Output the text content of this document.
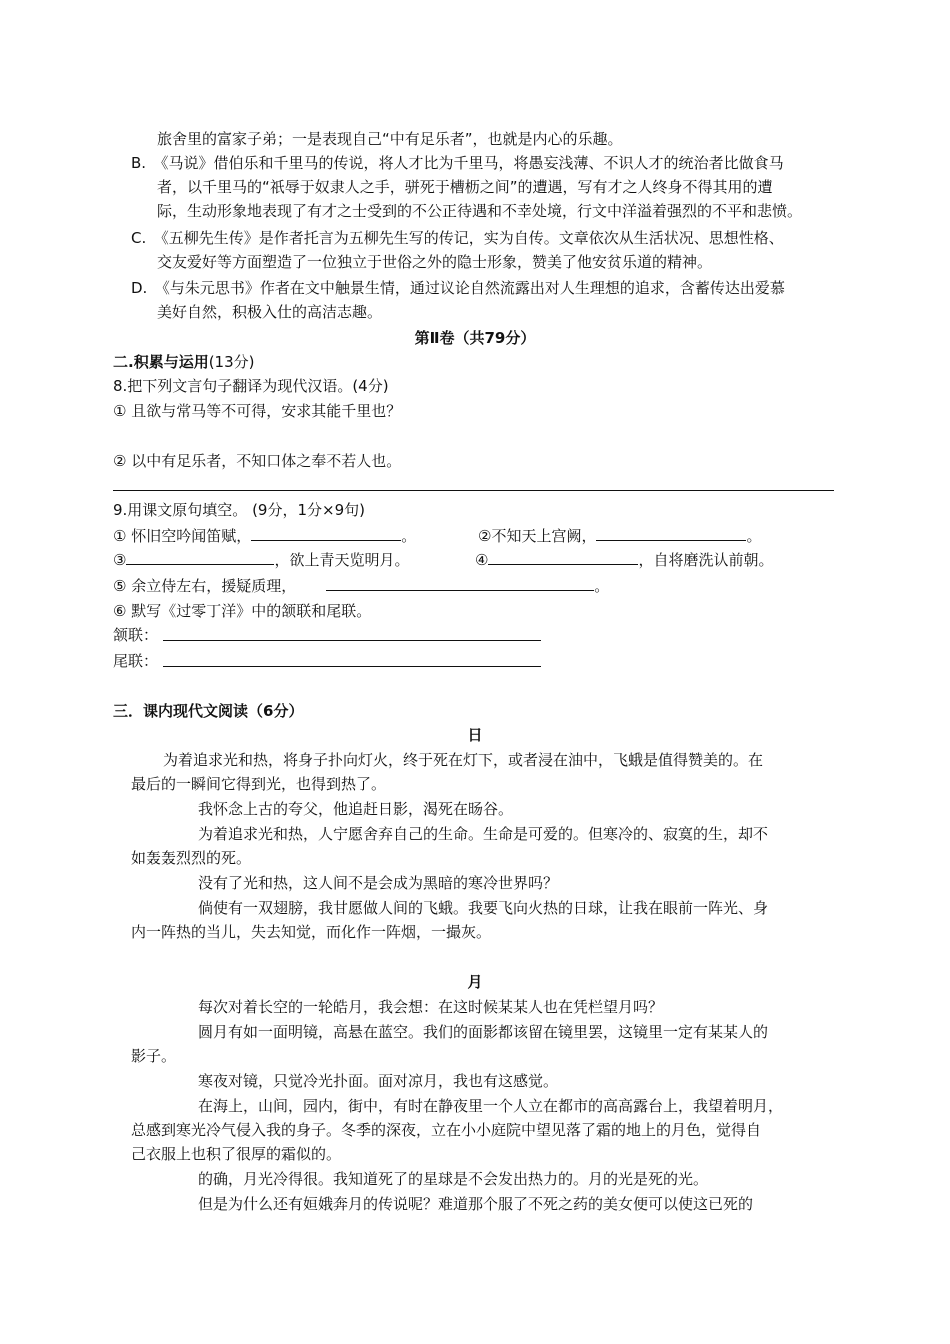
旅舍里的富家子弟；一是表现自己“中有足乐者”，也就是内心的乐趣。
B.　《马说》借伯乐和千里马的传说，将人才比为千里马，将愚妄浅薄、不识人才的统治者比做食马
者，以千里马的“祇辱于奴隶人之手，骈死于槽枥之间”的遭遇，写有才之人终身不得其用的遭
际，生动形象地表现了有才之士受到的不公正待遇和不幸处境，行文中洋溢着强烈的不平和悲愤。
C.　《五柳先生传》是作者托言为五柳先生写的传记，实为自传。文章依次从生活状况、思想性格、
交友爱好等方面塑造了一位独立于世俗之外的隐士形象，赞美了他安贫乐道的精神。
D.　《与朱元思书》作者在文中触景生情，通过议论自然流露出对人生理想的追求，含蓄传达出爱慕
美好自然，积极入仕的高洁志趣。
第Ⅱ卷（共79分）
二.积累与运用(13分)
8.把下列文言句子翻译为现代汉语。(4分)
① 且欲与常马等不可得，安求其能千里也？
② 以中有足乐者，不知口体之奉不若人也。
9.用课文原句填空。 (9分，1分×9句)
① 怀旧空吟闻笛赋，	。	②不知天上宫阙，	。
③	，欲上青天览明月。	④	，自将磨洗认前朝。
⑤ 余立侍左右，援疑质理，	。
⑥ 默写《过零丁洋》中的颔联和尾联。
颔联：
尾联：
三．课内现代文阅读（6分）
日
为着追求光和热，将身子扑向灯火，终于死在灯下，或者浸在油中，飞蛾是值得赞美的。在
最后的一瞬间它得到光，也得到热了。
我怀念上古的夸父，他追赶日影，渴死在旸谷。
为着追求光和热，人宁愿舍弃自己的生命。生命是可爱的。但寒冷的、寂寞的生，却不
如轰轰烈烈的死。
没有了光和热，这人间不是会成为黑暗的寒冷世界吗？
倘使有一双翅膀，我甘愿做人间的飞蛾。我要飞向火热的日球，让我在眼前一阵光、身
内一阵热的当儿，失去知觉，而化作一阵烟，一撮灰。
月
每次对着长空的一轮皓月，我会想：在这时候某某人也在凭栏望月吗？
圆月有如一面明镜，高悬在蓝空。我们的面影都该留在镜里罢，这镜里一定有某某人的
影子。
寒夜对镜，只觉冷光扑面。面对凉月，我也有这感觉。
在海上，山间，园内，街中，有时在静夜里一个人立在都市的高高露台上，我望着明月，
总感到寒光冷气侵入我的身子。冬季的深夜，立在小小庭院中望见落了霜的地上的月色，觉得自
己衣服上也积了很厚的霜似的。
的确，月光冷得很。我知道死了的星球是不会发出热力的。月的光是死的光。
但是为什么还有姮娥奔月的传说呢？难道那个服了不死之药的美女便可以使这已死的
